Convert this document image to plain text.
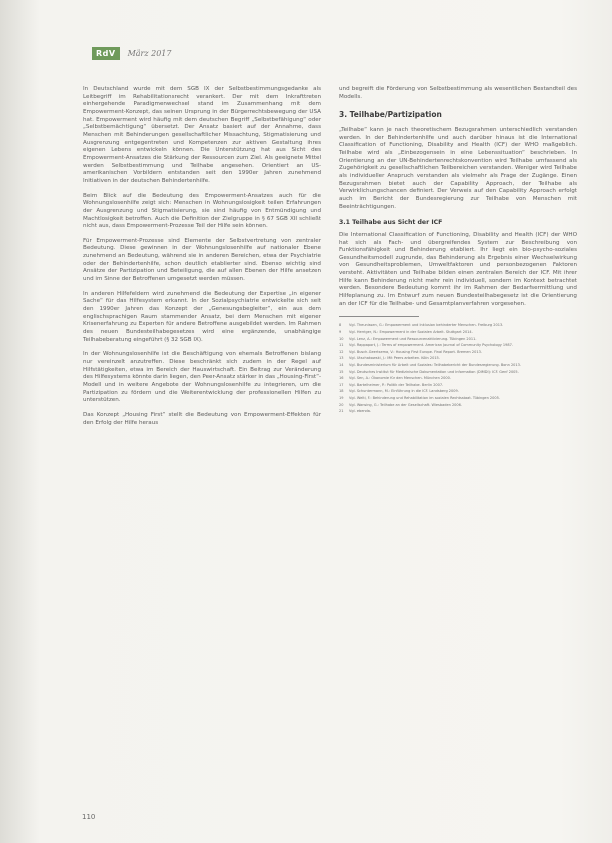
RdV	März 2017

In Deutschland wurde mit dem SGB IX der Selbstbestimmungsgedanke als Leitbegriff im Rehabilitationsrecht verankert. Der mit dem Inkrafttreten einhergehende Paradigmenwechsel stand im Zusammenhang mit dem Empowerment-Konzept, das seinen Ursprung in der Bürgerrechtsbewegung der USA hat. Empowerment wird häufig mit dem deutschen Begriff „Selbstbefähigung“ oder „Selbstbemächtigung“ übersetzt. Der Ansatz basiert auf der Annahme, dass Menschen mit Behinderungen gesellschaftlicher Missachtung, Stigmatisierung und Ausgrenzung entgegentreten und Kompetenzen zur aktiven Gestaltung ihres eigenen Lebens entwickeln können. Die Unterstützung hat aus Sicht des Empowerment-Ansatzes die Stärkung der Ressourcen zum Ziel. Als geeignete Mittel werden Selbstbestimmung und Teilhabe angesehen. Orientiert an US-amerikanischen Vorbildern entstanden seit den 1990er Jahren zunehmend Initiativen in der deutschen Behindertenhilfe.

Beim Blick auf die Bedeutung des Empowerment-Ansatzes auch für die Wohnungslosenhilfe zeigt sich: Menschen in Wohnungslosigkeit teilen Erfahrungen der Ausgrenzung und Stigmatisierung, sie sind häufig von Entmündigung und Machtlosigkeit betroffen. Auch die Definition der Zielgruppe in § 67 SGB XII schließt nicht aus, dass Empowerment-Prozesse Teil der Hilfe sein können.

Für Empowerment-Prozesse sind Elemente der Selbstvertretung von zentraler Bedeutung. Diese gewinnen in der Wohnungslosenhilfe auf nationaler Ebene zunehmend an Bedeutung, während sie in anderen Bereichen, etwa der Psychiatrie oder der Behindertenhilfe, schon deutlich etablierter sind. Ebenso wichtig sind Ansätze der Partizipation und Beteiligung, die auf allen Ebenen der Hilfe ansetzen und im Sinne der Betroffenen umgesetzt werden müssen.

In anderen Hilfefeldern wird zunehmend die Bedeutung der Expertise „in eigener Sache“ für das Hilfesystem erkannt. In der Sozialpsychiatrie entwickelte sich seit den 1990er Jahren das Konzept der „Genesungsbegleiter“, ein aus dem englischsprachigen Raum stammender Ansatz, bei dem Menschen mit eigener Krisenerfahrung zu Experten für andere Betroffene ausgebildet werden. Im Rahmen des neuen Bundesteilhabegesetzes wird eine ergänzende, unabhängige Teilhabeberatung eingeführt (§ 32 SGB IX).

In der Wohnungslosenhilfe ist die Beschäftigung von ehemals Betroffenen bislang nur vereinzelt anzutreffen. Diese beschränkt sich zudem in der Regel auf Hilfstätigkeiten, etwa im Bereich der Hauswirtschaft. Ein Beitrag zur Veränderung des Hilfesystems könnte darin liegen, den Peer-Ansatz stärker in das „Housing-First“-Modell und in weitere Angebote der Wohnungslosenhilfe zu integrieren, um die Partizipation zu fördern und die Weiterentwicklung der professionellen Hilfen zu unterstützen.

Das Konzept „Housing First“ stellt die Bedeutung von Empowerment-Effekten für den Erfolg der Hilfe heraus

und begreift die Förderung von Selbstbestimmung als wesentlichen Bestandteil des Modells.

3. Teilhabe/Partizipation

„Teilhabe“ kann je nach theoretischem Bezugsrahmen unterschiedlich verstanden werden. In der Behindertenhilfe und auch darüber hinaus ist die International Classification of Functioning, Disability and Health (ICF) der WHO maßgeblich. Teilhabe wird als „Einbezogensein in eine Lebenssituation“ beschrieben. In Orientierung an der UN-Behindertenrechtskonvention wird Teilhabe umfassend als Zugehörigkeit zu gesellschaftlichen Teilbereichen verstanden. Weniger wird Teilhabe als individueller Anspruch verstanden als vielmehr als Frage der Zugänge. Einen Bezugsrahmen bietet auch der Capability Approach, der Teilhabe als Verwirklichungschancen definiert. Der Verweis auf den Capability Approach erfolgt auch im Bericht der Bundesregierung zur Teilhabe von Menschen mit Beeinträchtigungen.

3.1 Teilhabe aus Sicht der ICF

Die International Classification of Functioning, Disability and Health (ICF) der WHO hat sich als Fach- und übergreifendes System zur Beschreibung von Funktionsfähigkeit und Behinderung etabliert. Ihr liegt ein bio-psycho-soziales Gesundheitsmodell zugrunde, das Behinderung als Ergebnis einer Wechselwirkung von Gesundheitsproblemen, Umweltfaktoren und personbezogenen Faktoren versteht. Aktivitäten und Teilhabe bilden einen zentralen Bereich der ICF. Mit ihrer Hilfe kann Behinderung nicht mehr rein individuell, sondern im Kontext betrachtet werden. Besondere Bedeutung kommt ihr im Rahmen der Bedarfsermittlung und Hilfeplanung zu. Im Entwurf zum neuen Bundesteilhabegesetz ist die Orientierung an der ICF für die Teilhabe- und Gesamtplanverfahren vorgesehen.

8	Vgl. Theunissen, G.: Empowerment und Inklusion behinderter Menschen. Freiburg 2013.
9	Vgl. Herriger, N.: Empowerment in der Sozialen Arbeit. Stuttgart 2014.
10	Vgl. Lenz, A.: Empowerment und Ressourcenaktivierung. Tübingen 2011.
11	Vgl. Rappaport, J.: Terms of empowerment. American Journal of Community Psychology 1987.
12	Vgl. Busch-Geertsema, V.: Housing First Europe. Final Report. Bremen 2013.
13	Vgl. Utschakowski, J.: Mit Peers arbeiten. Köln 2015.
14	Vgl. Bundesministerium für Arbeit und Soziales: Teilhabebericht der Bundesregierung. Bonn 2013.
15	Vgl. Deutsches Institut für Medizinische Dokumentation und Information (DIMDI): ICF. Genf 2005.
16	Vgl. Sen, A.: Ökonomie für den Menschen. München 2000.
17	Vgl. Bartelheimer, P.: Politik der Teilhabe. Berlin 2007.
18	Vgl. Schuntermann, M.: Einführung in die ICF. Landsberg 2009.
19	Vgl. Welti, F.: Behinderung und Rehabilitation im sozialen Rechtsstaat. Tübingen 2005.
20	Vgl. Wansing, G.: Teilhabe an der Gesellschaft. Wiesbaden 2006.
21	Vgl. ebenda.
110
